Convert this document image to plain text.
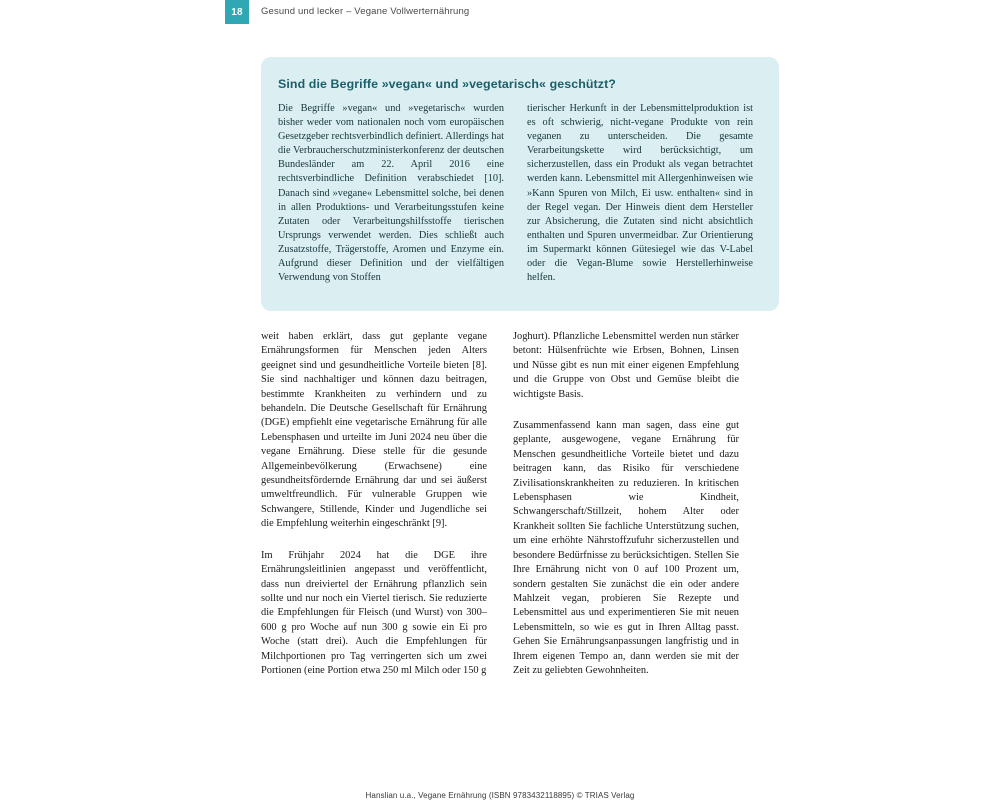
18	Gesund und lecker – Vegane Vollwerternährung
Sind die Begriffe »vegan« und »vegetarisch« geschützt?
Die Begriffe »vegan« und »vegetarisch« wurden bisher weder vom nationalen noch vom europäischen Gesetzgeber rechtsverbindlich definiert. Allerdings hat die Verbraucherschutzministerkonferenz der deutschen Bundesländer am 22. April 2016 eine rechtsverbindliche Definition verabschiedet [10]. Danach sind »vegane« Lebensmittel solche, bei denen in allen Produktions- und Verarbeitungsstufen keine Zutaten oder Verarbeitungshilfsstoffe tierischen Ursprungs verwendet werden. Dies schließt auch Zusatzstoffe, Trägerstoffe, Aromen und Enzyme ein. Aufgrund dieser Definition und der vielfältigen Verwendung von Stoffen
tierischer Herkunft in der Lebensmittelproduktion ist es oft schwierig, nicht-vegane Produkte von rein veganen zu unterscheiden. Die gesamte Verarbeitungskette wird berücksichtigt, um sicherzustellen, dass ein Produkt als vegan betrachtet werden kann. Lebensmittel mit Allergenhinweisen wie »Kann Spuren von Milch, Ei usw. enthalten« sind in der Regel vegan. Der Hinweis dient dem Hersteller zur Absicherung, die Zutaten sind nicht absichtlich enthalten und Spuren unvermeidbar. Zur Orientierung im Supermarkt können Gütesiegel wie das V-Label oder die Vegan-Blume sowie Herstellerhinweise helfen.

weit haben erklärt, dass gut geplante vegane Ernährungsformen für Menschen jeden Alters geeignet sind und gesundheitliche Vorteile bieten [8]. Sie sind nachhaltiger und können dazu beitragen, bestimmte Krankheiten zu verhindern und zu behandeln. Die Deutsche Gesellschaft für Ernährung (DGE) empfiehlt eine vegetarische Ernährung für alle Lebensphasen und urteilte im Juni 2024 neu über die vegane Ernährung. Diese stelle für die gesunde Allgemeinbevölkerung (Erwachsene) eine gesundheitsfördernde Ernährung dar und sei äußerst umweltfreundlich. Für vulnerable Gruppen wie Schwangere, Stillende, Kinder und Jugendliche sei die Empfehlung weiterhin eingeschränkt [9].

Im Frühjahr 2024 hat die DGE ihre Ernährungsleitlinien angepasst und veröffentlicht, dass nun dreiviertel der Ernährung pflanzlich sein sollte und nur noch ein Viertel tierisch. Sie reduzierte die Empfehlungen für Fleisch (und Wurst) von 300–600 g pro Woche auf nun 300 g sowie ein Ei pro Woche (statt drei). Auch die Empfehlungen für Milchportionen pro Tag verringerten sich um zwei Portionen (eine Portion etwa 250 ml Milch oder 150 g

Joghurt). Pflanzliche Lebensmittel werden nun stärker betont: Hülsenfrüchte wie Erbsen, Bohnen, Linsen und Nüsse gibt es nun mit einer eigenen Empfehlung und die Gruppe von Obst und Gemüse bleibt die wichtigste Basis.

Zusammenfassend kann man sagen, dass eine gut geplante, ausgewogene, vegane Ernährung für Menschen gesundheitliche Vorteile bietet und dazu beitragen kann, das Risiko für verschiedene Zivilisationskrankheiten zu reduzieren. In kritischen Lebensphasen wie Kindheit, Schwangerschaft/Stillzeit, hohem Alter oder Krankheit sollten Sie fachliche Unterstützung suchen, um eine erhöhte Nährstoffzufuhr sicherzustellen und besondere Bedürfnisse zu berücksichtigen. Stellen Sie Ihre Ernährung nicht von 0 auf 100 Prozent um, sondern gestalten Sie zunächst die ein oder andere Mahlzeit vegan, probieren Sie Rezepte und Lebensmittel aus und experimentieren Sie mit neuen Lebensmitteln, so wie es gut in Ihren Alltag passt. Gehen Sie Ernährungsanpassungen langfristig und in Ihrem eigenen Tempo an, dann werden sie mit der Zeit zu geliebten Gewohnheiten.

Hanslian u.a., Vegane Ernährung (ISBN 9783432118895) © TRIAS Verlag
